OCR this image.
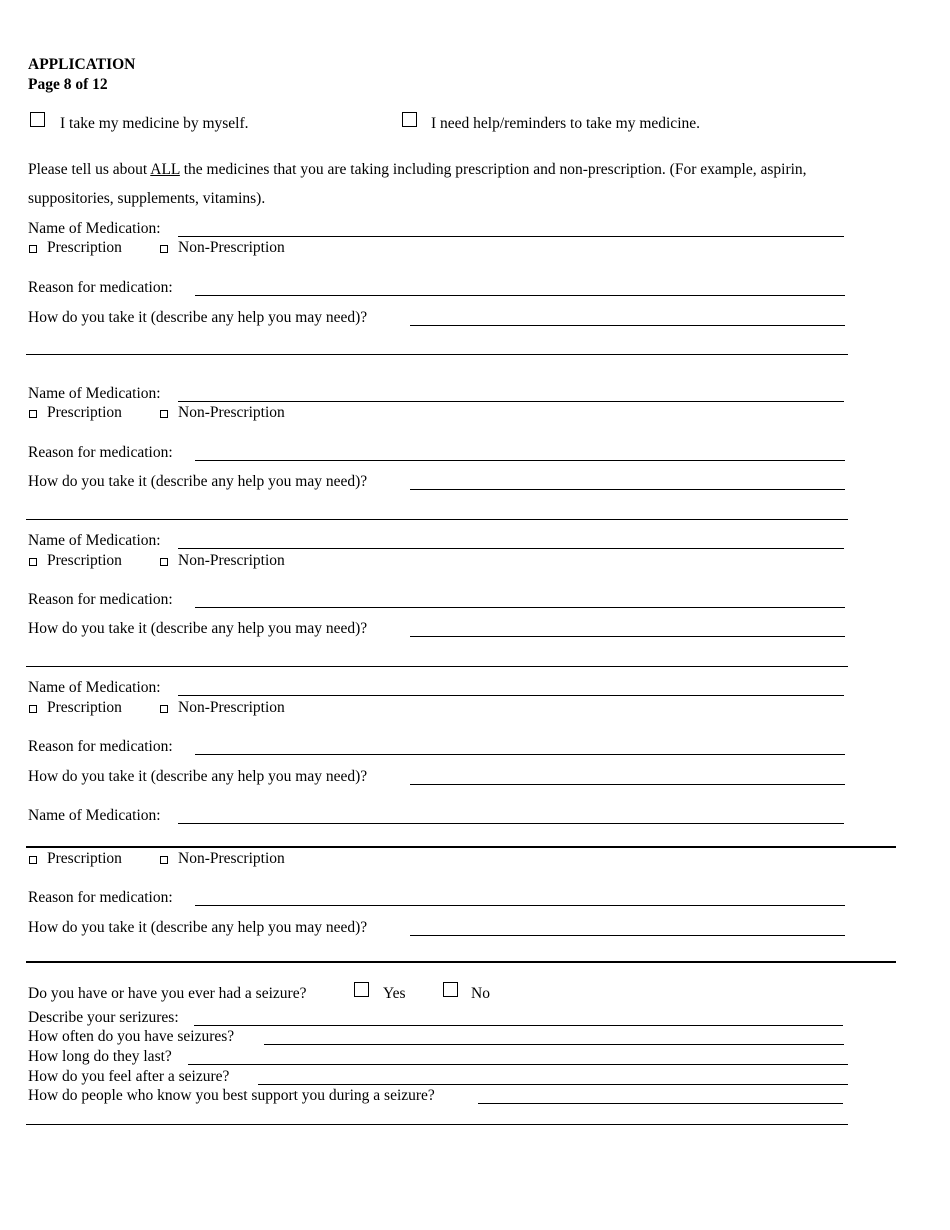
APPLICATION
Page 8 of 12
I take my medicine by myself.	I need help/reminders to take my medicine.
Please tell us about ALL the medicines that you are taking including prescription and non-prescription. (For example, aspirin,
suppositories, supplements, vitamins).
Name of Medication:
Prescription	Non-Prescription
Reason for medication:
How do you take it (describe any help you may need)?
Name of Medication:
Prescription	Non-Prescription
Reason for medication:
How do you take it (describe any help you may need)?
Name of Medication:
Prescription	Non-Prescription
Reason for medication:
How do you take it (describe any help you may need)?
Name of Medication:
Prescription	Non-Prescription
Reason for medication:
How do you take it (describe any help you may need)?
Name of Medication:
Prescription	Non-Prescription
Reason for medication:
How do you take it (describe any help you may need)?
Do you have or have you ever had a seizure?	Yes	No
Describe your serizures:
How often do you have seizures?
How long do they last?
How do you feel after a seizure?
How do people who know you best support you during a seizure?
